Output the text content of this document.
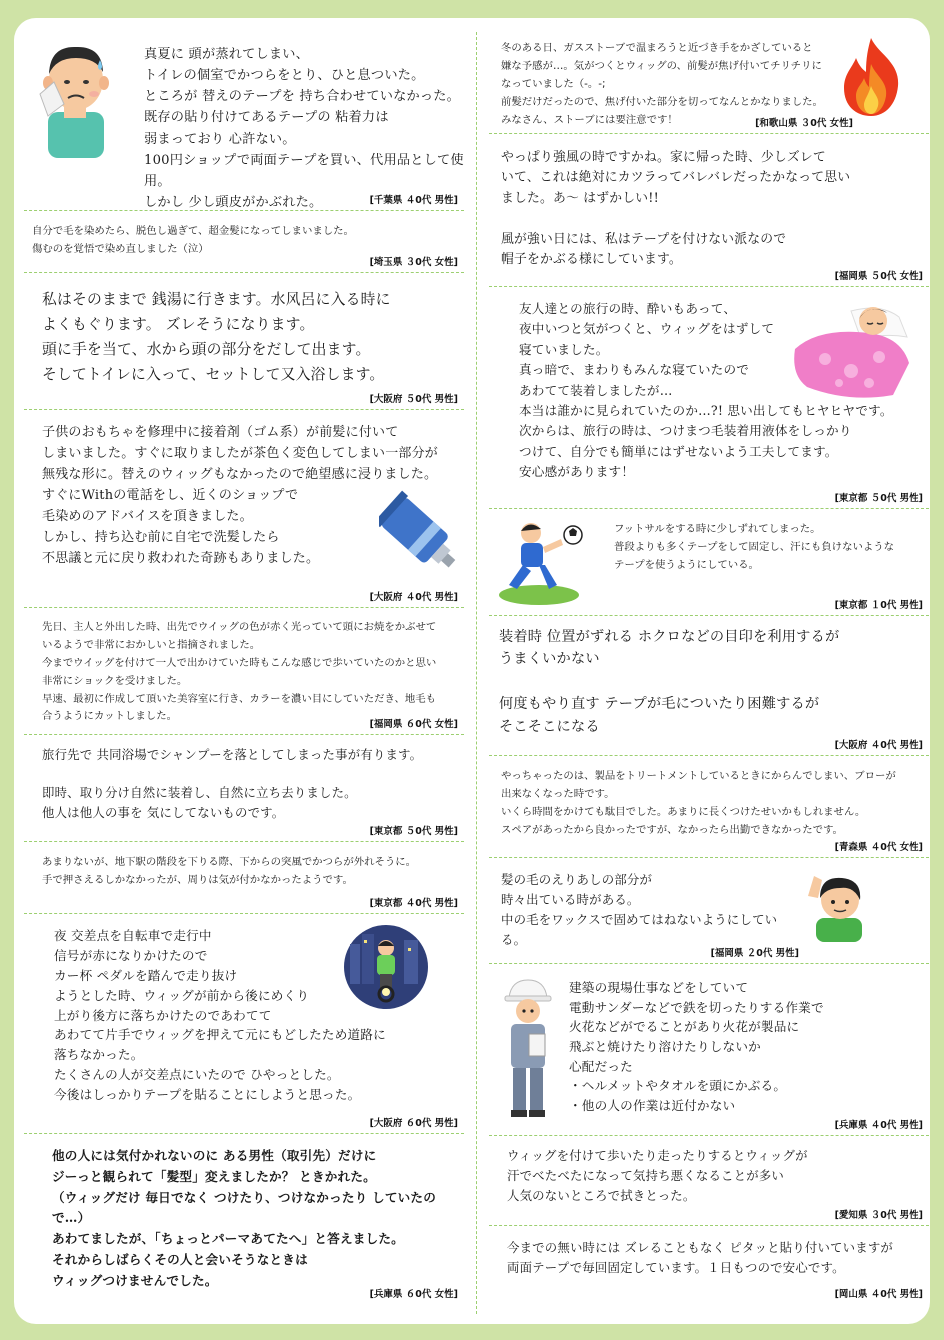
真夏に 頭が蒸れてしまい、
トイレの個室でかつらをとり、ひと息ついた。
ところが 替えのテープを 持ち合わせていなかった。
既存の貼り付けてあるテープの 粘着力は
弱まっており 心許ない。
100円ショップで両面テープを買い、代用品として使用。
しかし 少し頭皮がかぶれた。	[千葉県 ４0代 男性]
自分で毛を染めたら、脱色し過ぎて、超金髪になってしまいました。
傷むのを覚悟で染め直しました（泣）
[埼玉県 ３0代 女性]
私はそのままで 銭湯に行きます。水风呂に入る時に
よくもぐります。 ズレそうになります。
頭に手を当て、水から頭の部分をだして出ます。
そしてトイレに入って、セットして又入浴します。
[大阪府 ５0代 男性]
子供のおもちゃを修理中に接着剤（ゴム系）が前髪に付いて
しまいました。すぐに取りましたが茶色く変色してしまい一部分が
無残な形に。替えのウィッグもなかったので絶望感に浸りました。
すぐにWithの電話をし、近くのショップで
毛染めのアドバイスを頂きました。
しかし、持ち込む前に自宅で洗髪したら
不思議と元に戻り救われた奇跡もありました。
[大阪府 ４0代 男性]
先日、主人と外出した時、出先でウイッグの色が赤く光っていて頭にお焼をかぶせて
いるようで非常におかしいと指摘されました。
今までウイッグを付けて一人で出かけていた時もこんな感じで歩いていたのかと思い
非常にショックを受けました。
早速、最初に作成して頂いた美容室に行き、カラーを濃い目にしていただき、地毛も
合うようにカットしました。
[福岡県 ６0代 女性]
旅行先で 共同浴場でシャンプーを落としてしまった事が有ります。

即時、取り分け自然に装着し、自然に立ち去りました。
他人は他人の事を 気にしてないものです。
[東京都 ５0代 男性]
あまりないが、地下駅の階段を下りる際、下からの突風でかつらが外れそうに。
手で押さえるしかなかったが、周りは気が付かなかったようです。
[東京都 ４0代 男性]
夜 交差点を自転車で走行中
信号が赤になりかけたので
カー杯 ペダルを踏んで走り抜け
ようとした時、ウィッグが前から後にめくり
上がり後方に落ちかけたのであわてて
あわてて片手でウィッグを押えて元にもどしたため道路に
落ちなかった。
たくさんの人が交差点にいたので ひやっとした。
今後はしっかりテープを貼ることにしようと思った。
[大阪府 ６0代 男性]
他の人には気付かれないのに ある男性（取引先）だけに
ジーっと観られて「髪型」変えましたか？ ときかれた。
（ウィッグだけ 毎日でなく つけたり、つけなかったり していたので…）
あわてましたが、「ちょっとパーマあてたへ」と答えました。
それからしばらくその人と会いそうなときは
ウィッグつけませんでした。
[兵庫県 ６0代 女性]
冬のある日、ガスストーブで温まろうと近づき手をかざしていると
嫌な予感が…。気がつくとウィッグの、前髪が焦げ付いてチリチリに
なっていました（-。-;
前髪だけだったので、焦げ付いた部分を切ってなんとかなりました。
みなさん、ストーブには要注意です！	[和歌山県 ３0代 女性]
やっぱり強風の時ですかね。家に帰った時、少しズレて
いて、これは絶対にカツラってバレバレだったかなって思い
ました。あ〜 はずかしい!!

風が強い日には、私はテープを付けない派なので
帽子をかぶる様にしています。
[福岡県 ５0代 女性]
友人達との旅行の時、酔いもあって、
夜中いつと気がつくと、ウィッグをはずして
寝ていました。
真っ暗で、まわりもみんな寝ていたので
あわてて装着しましたが…
本当は誰かに見られていたのか…?! 思い出してもヒヤヒヤです。
次からは、旅行の時は、つけまつ毛装着用液体をしっかり
つけて、自分でも簡単にはずせないよう工夫してます。
安心感があります！
[東京都 ５0代 男性]
フットサルをする時に少しずれてしまった。
普段よりも多くテープをして固定し、汗にも負けないような
テープを使うようにしている。
[東京都 １0代 男性]
装着時 位置がずれる ホクロなどの目印を利用するが
うまくいかない

何度もやり直す テープが毛についたり困難するが
そこそこになる
[大阪府 ４0代 男性]
やっちゃったのは、製品をトリートメントしているときにからんでしまい、ブローが
出来なくなった時です。
いくら時間をかけても駄目でした。あまりに長くつけたせいかもしれません。
スペアがあったから良かったですが、なかったら出勤できなかったです。
[青森県 ４0代 女性]
髪の毛のえりあしの部分が
時々出ている時がある。
中の毛をワックスで固めてはねないようにしている。
[福岡県 ２0代 男性]
建築の現場仕事などをしていて
電動サンダーなどで鉄を切ったりする作業で
火花などがでることがあり火花が製品に
飛ぶと焼けたり溶けたりしないか
心配だった
・ヘルメットやタオルを頭にかぶる。
・他の人の作業は近付かない
[兵庫県 ４0代 男性]
ウィッグを付けて歩いたり走ったりするとウィッグが
汗でべたべたになって気持ち悪くなることが多い
人気のないところで拭きとった。
[愛知県 ３0代 男性]
今までの無い時には ズレることもなく ピタッと貼り付いていますが
両面テープで毎回固定しています。１日もつので安心です。
[岡山県 ４0代 男性]
